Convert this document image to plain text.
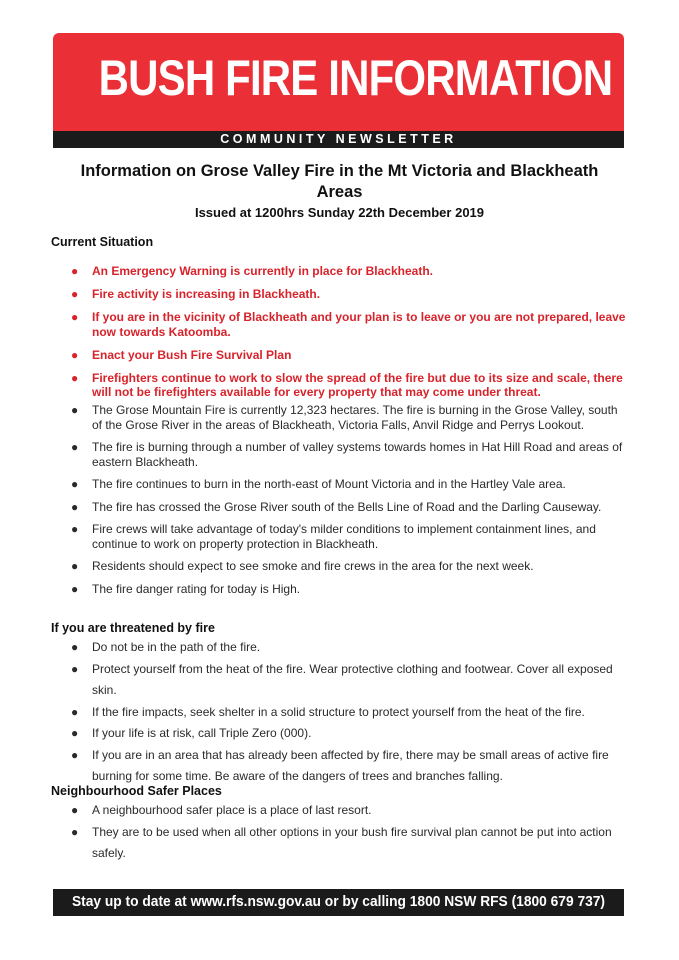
BUSH FIRE INFORMATION
COMMUNITY NEWSLETTER
Information on Grose Valley Fire in the Mt Victoria and Blackheath Areas
Issued at 1200hrs Sunday 22th December 2019
Current Situation
● An Emergency Warning is currently in place for Blackheath.
● Fire activity is increasing in Blackheath.
● If you are in the vicinity of Blackheath and your plan is to leave or you are not prepared, leave now towards Katoomba.
● Enact your Bush Fire Survival Plan
● Firefighters continue to work to slow the spread of the fire but due to its size and scale, there will not be firefighters available for every property that may come under threat.
● The Grose Mountain Fire is currently 12,323 hectares. The fire is burning in the Grose Valley, south of the Grose River in the areas of Blackheath, Victoria Falls, Anvil Ridge and Perrys Lookout.
● The fire is burning through a number of valley systems towards homes in Hat Hill Road and areas of eastern Blackheath.
● The fire continues to burn in the north-east of Mount Victoria and in the Hartley Vale area.
● The fire has crossed the Grose River south of the Bells Line of Road and the Darling Causeway.
● Fire crews will take advantage of today's milder conditions to implement containment lines, and continue to work on property protection in Blackheath.
● Residents should expect to see smoke and fire crews in the area for the next week.
● The fire danger rating for today is High.
If you are threatened by fire
● Do not be in the path of the fire.
● Protect yourself from the heat of the fire. Wear protective clothing and footwear. Cover all exposed skin.
● If the fire impacts, seek shelter in a solid structure to protect yourself from the heat of the fire.
● If your life is at risk, call Triple Zero (000).
● If you are in an area that has already been affected by fire, there may be small areas of active fire burning for some time. Be aware of the dangers of trees and branches falling.
Neighbourhood Safer Places
● A neighbourhood safer place is a place of last resort.
● They are to be used when all other options in your bush fire survival plan cannot be put into action safely.
Stay up to date at www.rfs.nsw.gov.au or by calling 1800 NSW RFS (1800 679 737)
